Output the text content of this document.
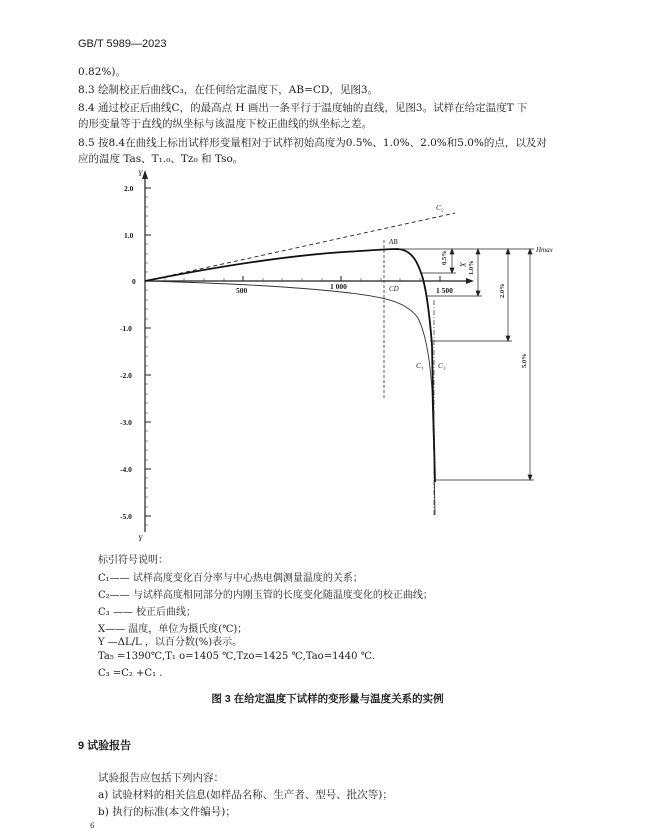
GB/T 5989—2023
0.82%)。
8.3 绘制校正后曲线C₃，在任何给定温度下，AB=CD，见图3。
8.4 通过校正后曲线C，的最高点 H 画出一条平行于温度轴的直线，见图3。试样在给定温度T 下
的形变量等于直线的纵坐标与该温度下校正曲线的纵坐标之差。
8.5 按8.4在曲线上标出试样形变量相对于试样初始高度为0.5%、1.0%、2.0%和5.0%的点，以及对
应的温度 Tas、T₁.₀、Tz₀ 和 Tso。
Y
Y
X
2.0
1.0
0
-1.0
-2.0
-3.0
-4.0
-5.0
500	1 000	1 500
C₂
C₁ C₃
AB
CD
Hmax
0.5%
1.0%
2.0%
5.0%
标引符号说明：
C₁—— 试样高度变化百分率与中心热电偶测量温度的关系；
C₂—— 与试样高度相同部分的内刚玉管的长度变化随温度变化的校正曲线；
C₃ —— 校正后曲线；
X—— 温度，单位为摄氏度(℃)；
Y —ΔL/L ，以百分数(%)表示。
Ta₅ =1390℃,T₁ o=1405 ℃,Tzo=1425 ℃,Tao=1440 ℃.
C₃ =C₂ +C₁ .
图 3 在给定温度下试样的变形量与温度关系的实例
9 试验报告
试验报告应包括下列内容：
a) 试验材料的相关信息(如样品名称、生产者、型号、批次等)；
b) 执行的标准(本文件编号)；
6
